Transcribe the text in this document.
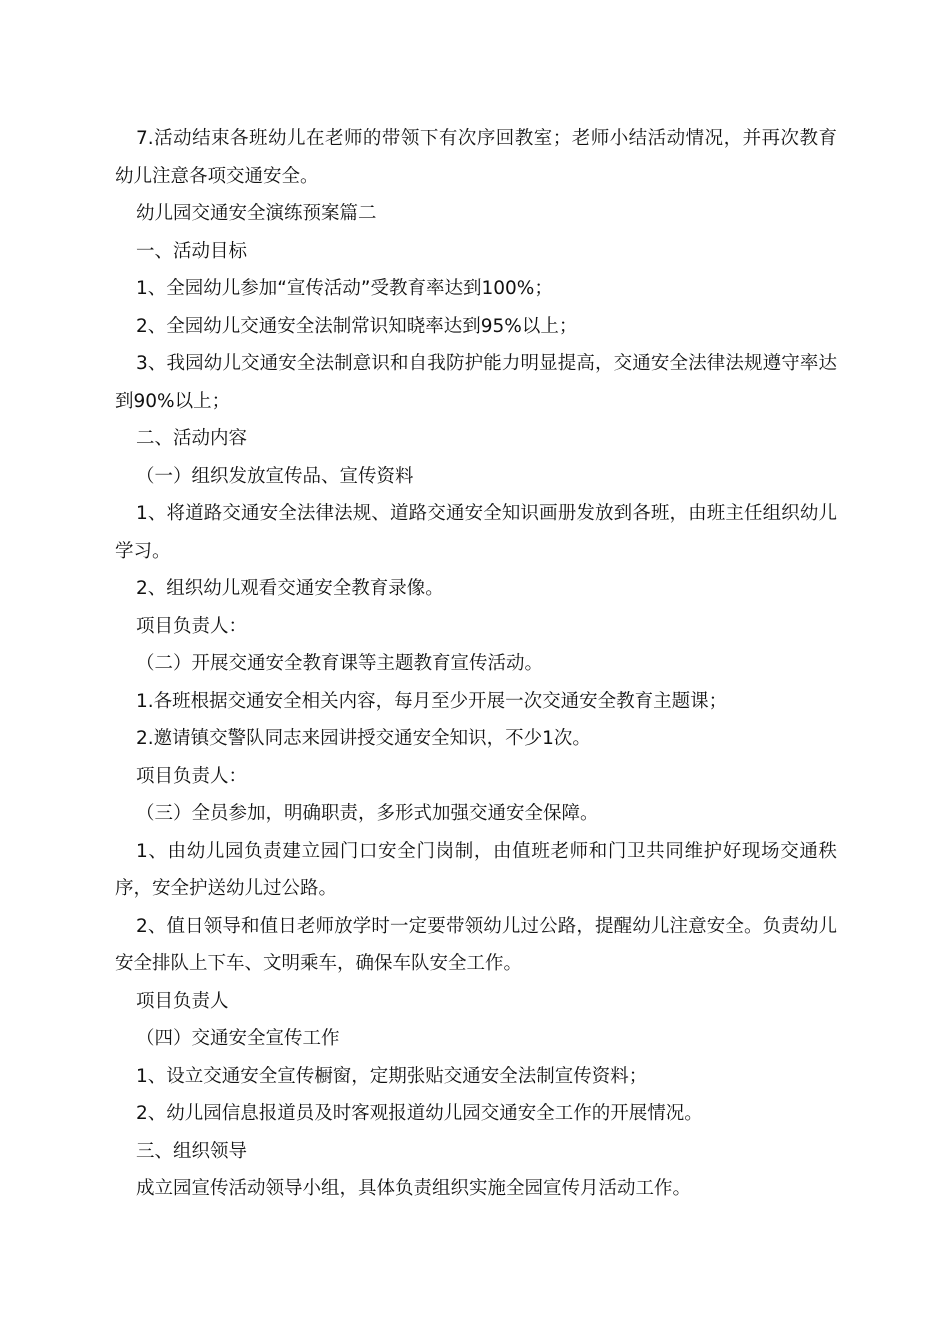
7.活动结束各班幼儿在老师的带领下有次序回教室；老师小结活动情况，并再次教育幼儿注意各项交通安全。

幼儿园交通安全演练预案篇二

一、活动目标

1、全园幼儿参加“宣传活动”受教育率达到100%；

2、全园幼儿交通安全法制常识知晓率达到95%以上；

3、我园幼儿交通安全法制意识和自我防护能力明显提高，交通安全法律法规遵守率达到90%以上；

二、活动内容

（一）组织发放宣传品、宣传资料

1、将道路交通安全法律法规、道路交通安全知识画册发放到各班，由班主任组织幼儿学习。

2、组织幼儿观看交通安全教育录像。

项目负责人：

（二）开展交通安全教育课等主题教育宣传活动。

1.各班根据交通安全相关内容，每月至少开展一次交通安全教育主题课；

2.邀请镇交警队同志来园讲授交通安全知识，不少1次。

项目负责人：

（三）全员参加，明确职责，多形式加强交通安全保障。

1、由幼儿园负责建立园门口安全门岗制，由值班老师和门卫共同维护好现场交通秩序，安全护送幼儿过公路。

2、值日领导和值日老师放学时一定要带领幼儿过公路，提醒幼儿注意安全。负责幼儿安全排队上下车、文明乘车，确保车队安全工作。

项目负责人

（四）交通安全宣传工作

1、设立交通安全宣传橱窗，定期张贴交通安全法制宣传资料；

2、幼儿园信息报道员及时客观报道幼儿园交通安全工作的开展情况。

三、组织领导

成立园宣传活动领导小组，具体负责组织实施全园宣传月活动工作。
